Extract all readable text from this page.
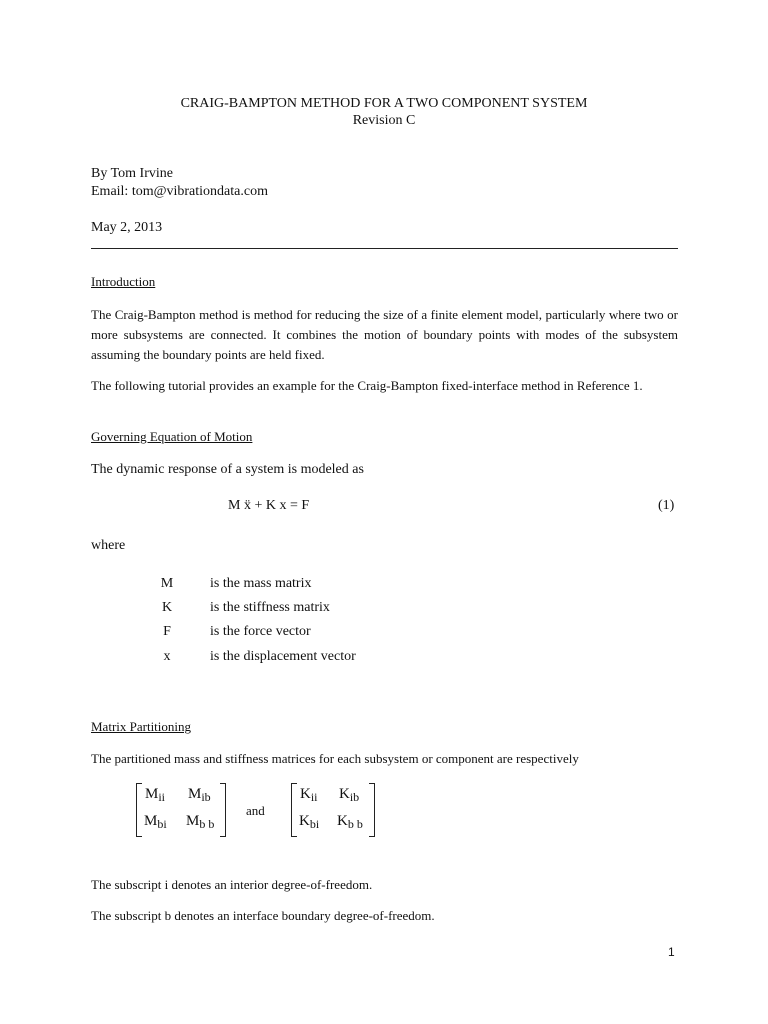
CRAIG-BAMPTON METHOD FOR A TWO COMPONENT SYSTEM

Revision C

By Tom Irvine

Email: tom@vibrationdata.com

May 2, 2013

Introduction

The Craig-Bampton method is method for reducing the size of a finite element model, particularly where two or more subsystems are connected. It combines the motion of boundary points with modes of the subsystem assuming the boundary points are held fixed.

The following tutorial provides an example for the Craig-Bampton fixed-interface method in Reference 1.

Governing Equation of Motion

The dynamic response of a system is modeled as

M ẍ + K x = F	(1)

where

M	is the mass matrix

K	is the stiffness matrix

F	is the force vector

x	is the displacement vector

Matrix Partitioning

The partitioned mass and stiffness matrices for each subsystem or component are respectively

$M_{ii}$ $M_{ib}$
$M_{bi}$ $M_{b b}$

and

$K_{ii}$ $K_{ib}$
$K_{bi}$ $K_{b b}$

The subscript i denotes an interior degree-of-freedom.

The subscript b denotes an interface boundary degree-of-freedom.

1
